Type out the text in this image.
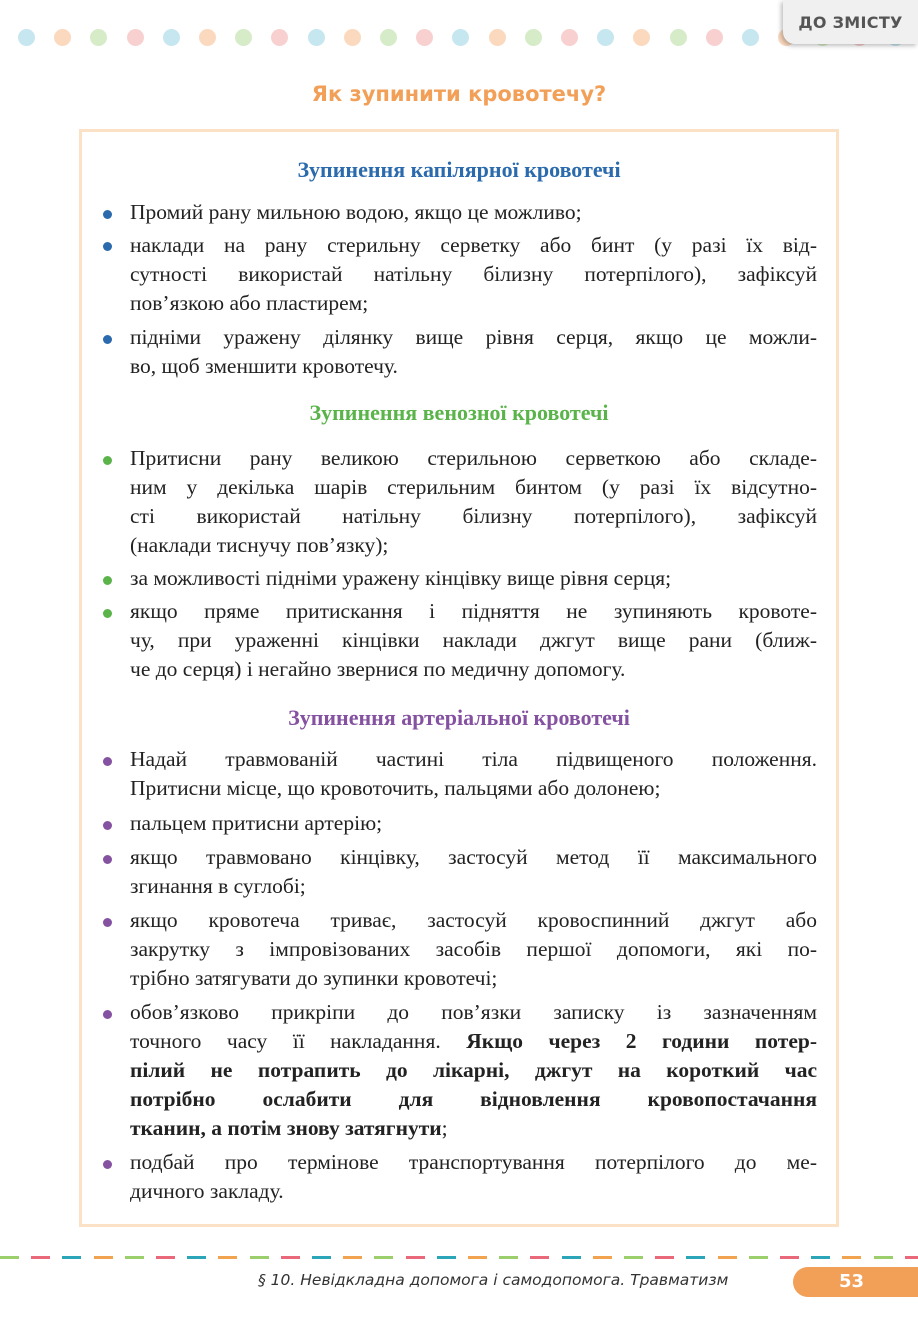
ДО ЗМІСТУ
Як зупинити кровотечу?
Зупинення капілярної кровотечі
Промий рану мильною водою, якщо це можливо;
наклади на рану стерильну серветку або бинт (у разі їх від-
сутності використай натільну білизну потерпілого), зафіксуй
пов’язкою або пластирем;
підніми уражену ділянку вище рівня серця, якщо це можли-
во, щоб зменшити кровотечу.
Зупинення венозної кровотечі
Притисни рану великою стерильною серветкою або складе-
ним у декілька шарів стерильним бинтом (у разі їх відсутно-
сті використай натільну білизну потерпілого), зафіксуй
(наклади тиснучу пов’язку);
за можливості підніми уражену кінцівку вище рівня серця;
якщо пряме притискання і підняття не зупиняють кровоте-
чу, при ураженні кінцівки наклади джгут вище рани (ближ-
че до серця) і негайно звернися по медичну допомогу.
Зупинення артеріальної кровотечі
Надай травмованій частині тіла підвищеного положення.
Притисни місце, що кровоточить, пальцями або долонею;
пальцем притисни артерію;
якщо травмовано кінцівку, застосуй метод її максимального
згинання в суглобі;
якщо кровотеча триває, застосуй кровоспинний джгут або
закрутку з імпровізованих засобів першої допомоги, які по-
трібно затягувати до зупинки кровотечі;
обов’язково прикріпи до пов’язки записку із зазначенням
точного часу її накладання. Якщо через 2 години потер-
пілий не потрапить до лікарні, джгут на короткий час
потрібно ослабити для відновлення кровопостачання
тканин, а потім знову затягнути;
подбай про термінове транспортування потерпілого до ме-
дичного закладу.
§ 10. Невідкладна допомога і самодопомога. Травматизм	53
